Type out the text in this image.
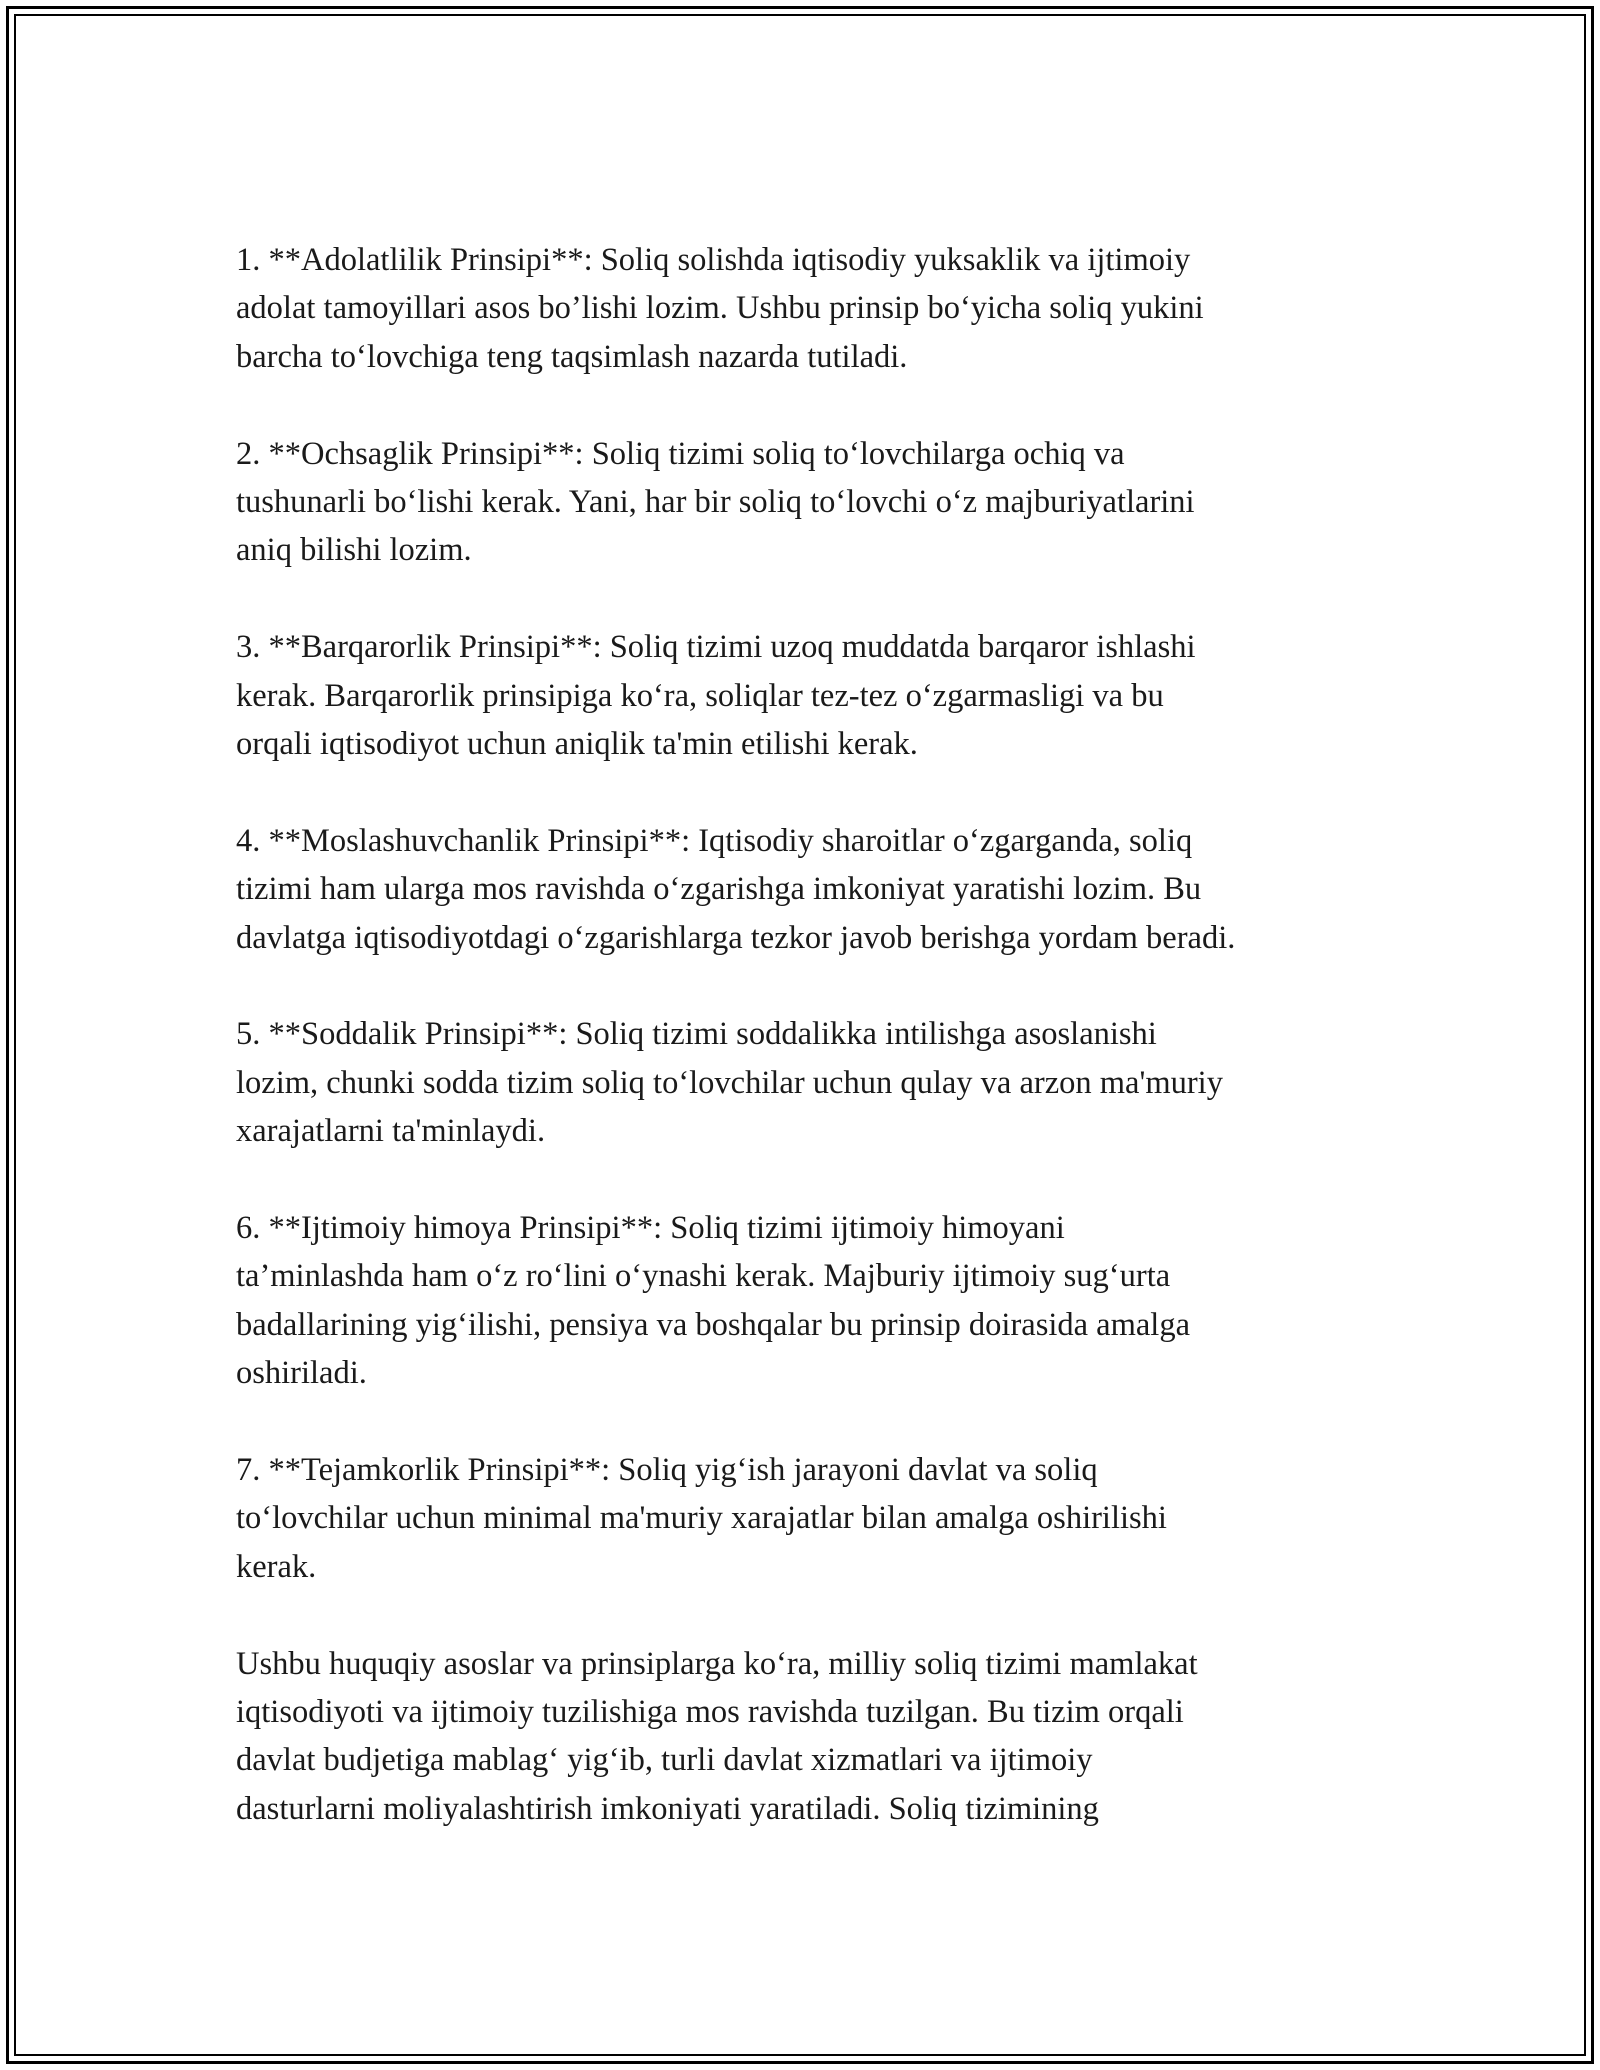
1. **Adolatlilik Prinsipi**: Soliq solishda iqtisodiy yuksaklik va ijtimoiy
adolat tamoyillari asos bo’lishi lozim. Ushbu prinsip bo‘yicha soliq yukini
barcha to‘lovchiga teng taqsimlash nazarda tutiladi.

2. **Ochsaglik Prinsipi**: Soliq tizimi soliq to‘lovchilarga ochiq va
tushunarli bo‘lishi kerak. Yani, har bir soliq to‘lovchi o‘z majburiyatlarini
aniq bilishi lozim.

3. **Barqarorlik Prinsipi**: Soliq tizimi uzoq muddatda barqaror ishlashi
kerak. Barqarorlik prinsipiga ko‘ra, soliqlar tez-tez o‘zgarmasligi va bu
orqali iqtisodiyot uchun aniqlik ta'min etilishi kerak.

4. **Moslashuvchanlik Prinsipi**: Iqtisodiy sharoitlar o‘zgarganda, soliq
tizimi ham ularga mos ravishda o‘zgarishga imkoniyat yaratishi lozim. Bu
davlatga iqtisodiyotdagi o‘zgarishlarga tezkor javob berishga yordam beradi.

5. **Soddalik Prinsipi**: Soliq tizimi soddalikka intilishga asoslanishi
lozim, chunki sodda tizim soliq to‘lovchilar uchun qulay va arzon ma'muriy
xarajatlarni ta'minlaydi.

6. **Ijtimoiy himoya Prinsipi**: Soliq tizimi ijtimoiy himoyani
ta’minlashda ham o‘z ro‘lini o‘ynashi kerak. Majburiy ijtimoiy sug‘urta
badallarining yig‘ilishi, pensiya va boshqalar bu prinsip doirasida amalga
oshiriladi.

7. **Tejamkorlik Prinsipi**: Soliq yig‘ish jarayoni davlat va soliq
to‘lovchilar uchun minimal ma'muriy xarajatlar bilan amalga oshirilishi
kerak.

Ushbu huquqiy asoslar va prinsiplarga ko‘ra, milliy soliq tizimi mamlakat
iqtisodiyoti va ijtimoiy tuzilishiga mos ravishda tuzilgan. Bu tizim orqali
davlat budjetiga mablag‘ yig‘ib, turli davlat xizmatlari va ijtimoiy
dasturlarni moliyalashtirish imkoniyati yaratiladi. Soliq tizimining
